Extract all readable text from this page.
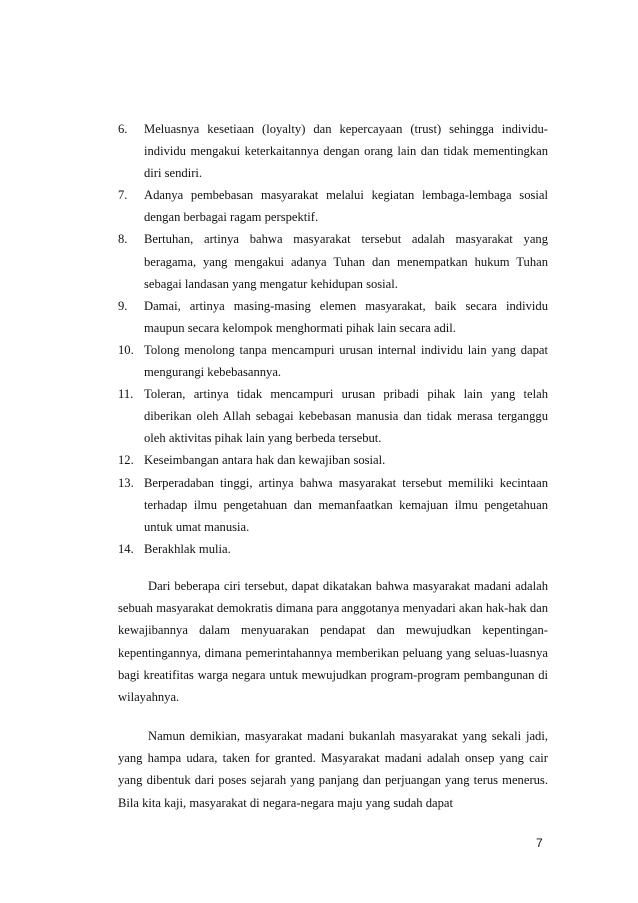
6.	Meluasnya kesetiaan (loyalty) dan kepercayaan (trust) sehingga individu-individu mengakui keterkaitannya dengan orang lain dan tidak mementingkan diri sendiri.
7.	Adanya pembebasan masyarakat melalui kegiatan lembaga-lembaga sosial dengan berbagai ragam perspektif.
8.	Bertuhan, artinya bahwa masyarakat tersebut adalah masyarakat yang beragama, yang mengakui adanya Tuhan dan menempatkan hukum Tuhan sebagai landasan yang mengatur kehidupan sosial.
9.	Damai, artinya masing-masing elemen masyarakat, baik secara individu maupun secara kelompok menghormati pihak lain secara adil.
10. Tolong menolong tanpa mencampuri urusan internal individu lain yang dapat mengurangi kebebasannya.
11. Toleran, artinya tidak mencampuri urusan pribadi pihak lain yang telah diberikan oleh Allah sebagai kebebasan manusia dan tidak merasa terganggu oleh aktivitas pihak lain yang berbeda tersebut.
12. Keseimbangan antara hak dan kewajiban sosial.
13. Berperadaban tinggi, artinya bahwa masyarakat tersebut memiliki kecintaan terhadap ilmu pengetahuan dan memanfaatkan kemajuan ilmu pengetahuan untuk umat manusia.
14. Berakhlak mulia.

Dari beberapa ciri tersebut, dapat dikatakan bahwa masyarakat madani adalah sebuah masyarakat demokratis dimana para anggotanya menyadari akan hak-hak dan kewajibannya dalam menyuarakan pendapat dan mewujudkan kepentingan-kepentingannya, dimana pemerintahannya memberikan peluang yang seluas-luasnya bagi kreatifitas warga negara untuk mewujudkan program-program pembangunan di wilayahnya.

Namun demikian, masyarakat madani bukanlah masyarakat yang sekali jadi, yang hampa udara, taken for granted. Masyarakat madani adalah onsep yang cair yang dibentuk dari poses sejarah yang panjang dan perjuangan yang terus menerus. Bila kita kaji, masyarakat di negara-negara maju yang sudah dapat

7
